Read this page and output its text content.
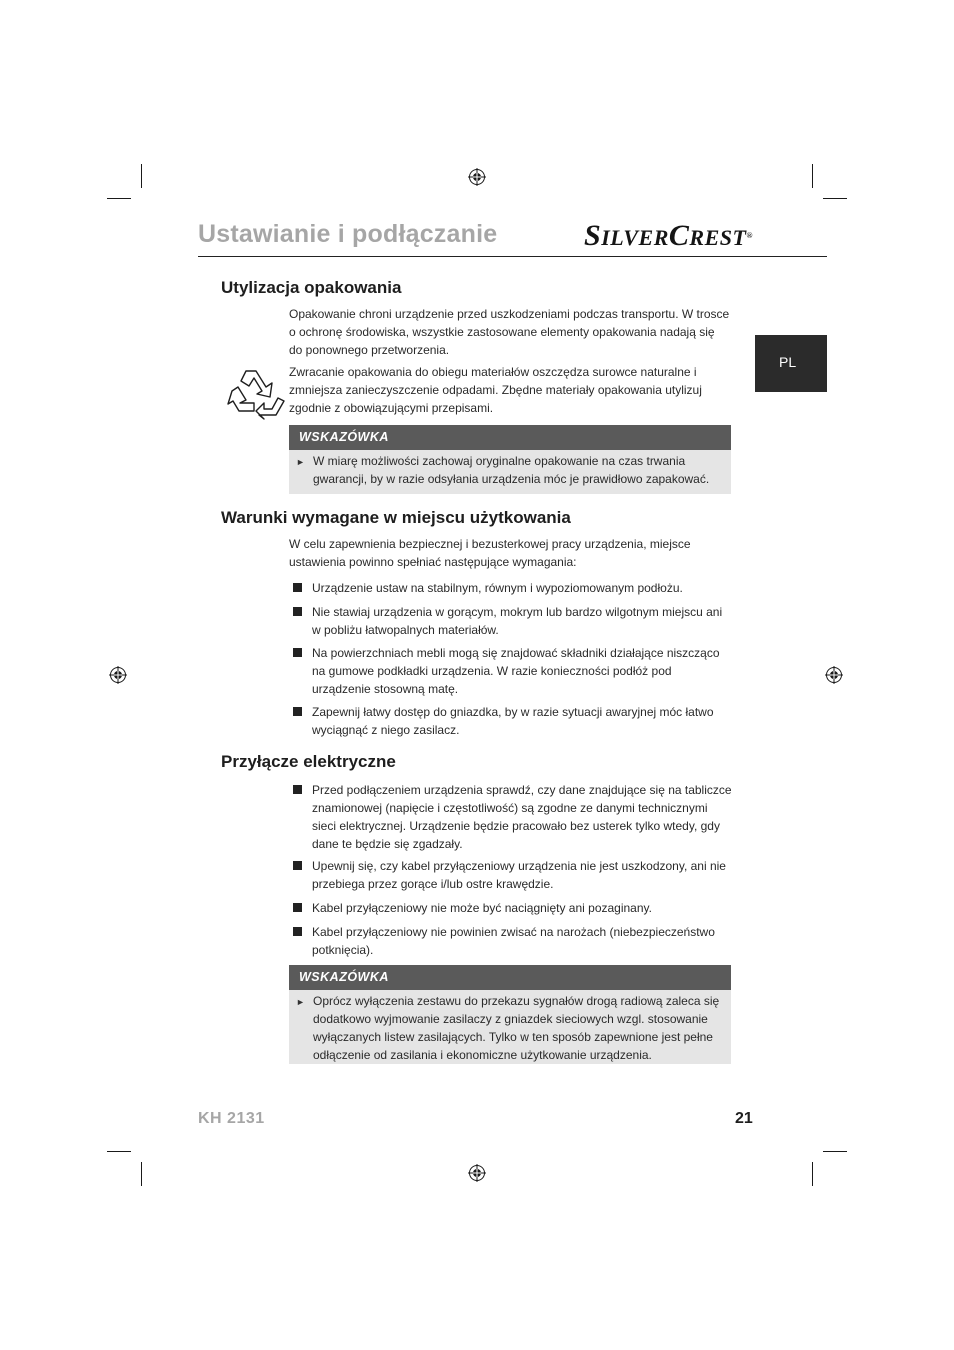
Ustawianie i podłączanie	SILVERCREST®
PL
Utylizacja opakowania

Opakowanie chroni urządzenie przed uszkodzeniami podczas transportu. W trosce o ochronę środowiska, wszystkie zastosowane elementy opakowania nadają się do ponownego przetworzenia.

Zwracanie opakowania do obiegu materiałów oszczędza surowce naturalne i zmniejsza zanieczyszczenie odpadami. Zbędne materiały opakowania utylizuj zgodnie z obowiązującymi przepisami.

WSKAZÓWKA
► W miarę możliwości zachowaj oryginalne opakowanie na czas trwania gwarancji, by w razie odsyłania urządzenia móc je prawidłowo zapakować.
Warunki wymagane w miejscu użytkowania

W celu zapewnienia bezpiecznej i bezusterkowej pracy urządzenia, miejsce ustawienia powinno spełniać następujące wymagania:

Urządzenie ustaw na stabilnym, równym i wypoziomowanym podłożu.
Nie stawiaj urządzenia w gorącym, mokrym lub bardzo wilgotnym miejscu ani w pobliżu łatwopalnych materiałów.
Na powierzchniach mebli mogą się znajdować składniki działające niszcząco na gumowe podkładki urządzenia. W razie konieczności podłóż pod urządzenie stosowną matę.
Zapewnij łatwy dostęp do gniazdka, by w razie sytuacji awaryjnej móc łatwo wyciągnąć z niego zasilacz.
Przyłącze elektryczne
Przed podłączeniem urządzenia sprawdź, czy dane znajdujące się na tabliczce znamionowej (napięcie i częstotliwość) są zgodne ze danymi technicznymi sieci elektrycznej. Urządzenie będzie pracowało bez usterek tylko wtedy, gdy dane te będzie się zgadzały.
Upewnij się, czy kabel przyłączeniowy urządzenia nie jest uszkodzony, ani nie przebiega przez gorące i/lub ostre krawędzie.
Kabel przyłączeniowy nie może być naciągnięty ani pozaginany.
Kabel przyłączeniowy nie powinien zwisać na narożach (niebezpieczeństwo potknięcia).
WSKAZÓWKA
► Oprócz wyłączenia zestawu do przekazu sygnałów drogą radiową zaleca się dodatkowo wyjmowanie zasilaczy z gniazdek sieciowych wzgl. stosowanie wyłączanych listew zasilających. Tylko w ten sposób zapewnione jest pełne odłączenie od zasilania i ekonomiczne użytkowanie urządzenia.
KH 2131	21
